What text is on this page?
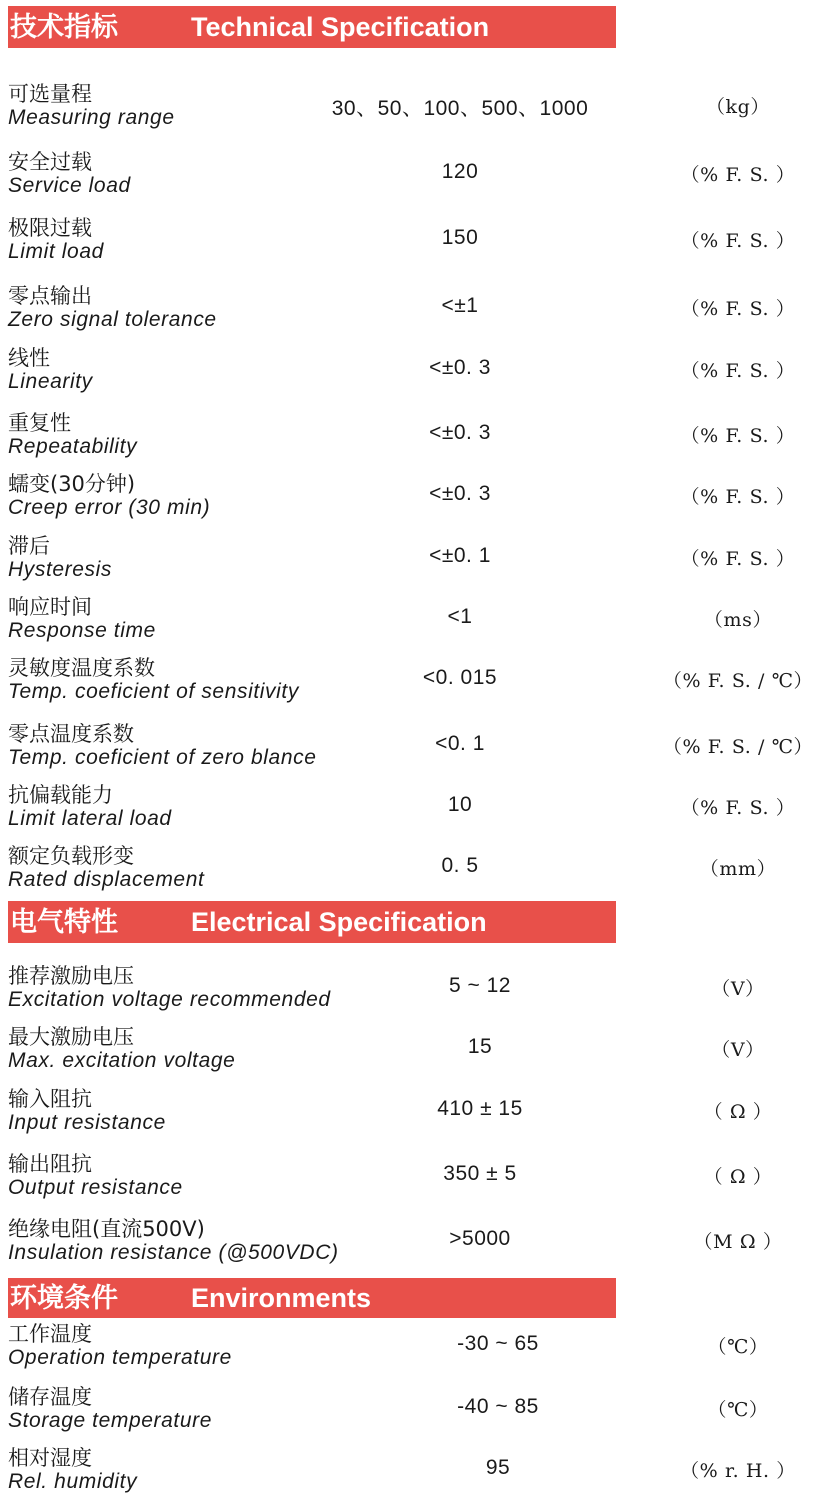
技术指标	Technical Specification
可选量程
Measuring range	30、50、100、500、1000	（kg）
安全过载
Service load
120	（% F. S. ）
极限过载
Limit load
150	（% F. S. ）
零点输出
Zero signal tolerance
<±1	（% F. S. ）
线性
Linearity
<±0. 3	（% F. S. ）
重复性
Repeatability
<±0. 3	（% F. S. ）
蠕变(30分钟)
Creep error (30 min)
<±0. 3	（% F. S. ）
滞后
Hysteresis
<±0. 1	（% F. S. ）
响应时间
Response time
<1	（ms）
灵敏度温度系数
Temp. coeficient of sensitivity
<0. 015	（% F. S. / ℃）
零点温度系数
Temp. coeficient of zero blance
<0. 1	（% F. S. / ℃）
抗偏载能力
Limit lateral load
10	（% F. S. ）
额定负载形变
Rated displacement
0. 5	（mm）
电气特性	Electrical Specification
推荐激励电压
Excitation voltage recommended
5 ~ 12	（V）
最大激励电压
Max. excitation voltage
15	（V）
输入阻抗
Input resistance
410 ± 15	（ Ω ）
输出阻抗
Output resistance
350 ± 5	（ Ω ）
绝缘电阻(直流500V)
Insulation resistance (@500VDC)
>5000	（M Ω ）
环境条件	Environments
工作温度
Operation temperature
-30 ~ 65	（℃）
储存温度
Storage temperature
-40 ~ 85	（℃）
相对湿度
Rel. humidity
95	（% r. H. ）
